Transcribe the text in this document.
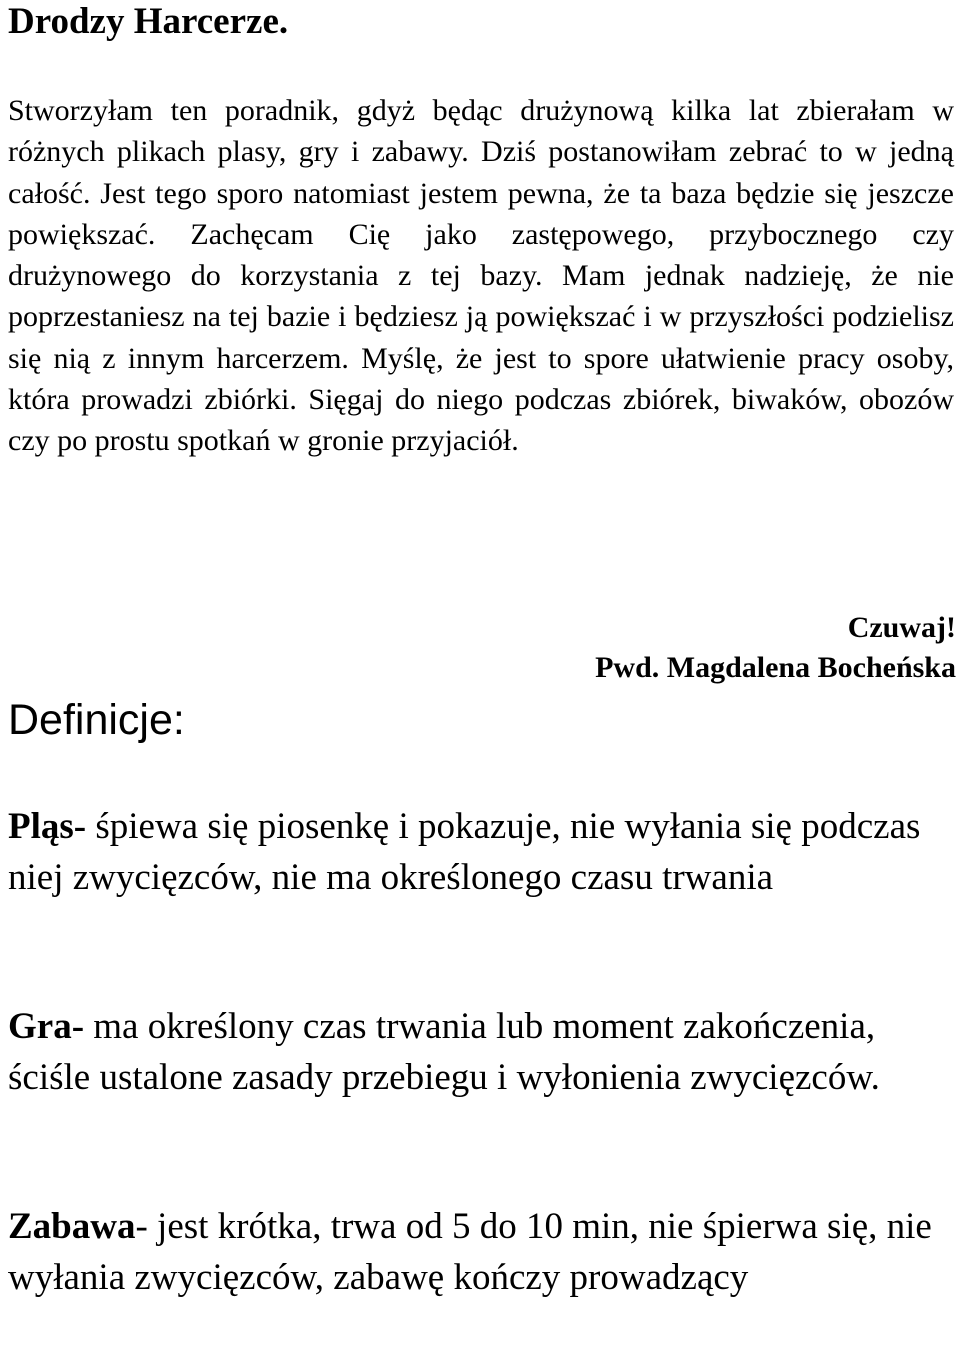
Drodzy Harcerze.

Stworzyłam ten poradnik, gdyż będąc drużynową kilka lat zbierałam w różnych plikach plasy, gry i zabawy. Dziś postanowiłam zebrać to w jedną całość. Jest tego sporo natomiast jestem pewna, że ta baza będzie się jeszcze powiększać. Zachęcam Cię jako zastępowego, przybocznego czy drużynowego do korzystania z tej bazy. Mam jednak nadzieję, że nie poprzestaniesz na tej bazie i będziesz ją powiększać i w przyszłości podzielisz się nią z innym harcerzem. Myślę, że jest to spore ułatwienie pracy osoby, która prowadzi zbiórki. Sięgaj do niego podczas zbiórek, biwaków, obozów czy po prostu spotkań w gronie przyjaciół.

Czuwaj!

Pwd. Magdalena Bocheńska

Definicje:

Pląs- śpiewa się piosenkę i pokazuje, nie wyłania się podczas niej zwycięzców, nie ma określonego czasu trwania

Gra- ma określony czas trwania lub moment zakończenia, ściśle ustalone zasady przebiegu i wyłonienia zwycięzców.

Zabawa- jest krótka, trwa od 5 do 10 min, nie śpierwa się, nie wyłania zwycięzców, zabawę kończy prowadzący
